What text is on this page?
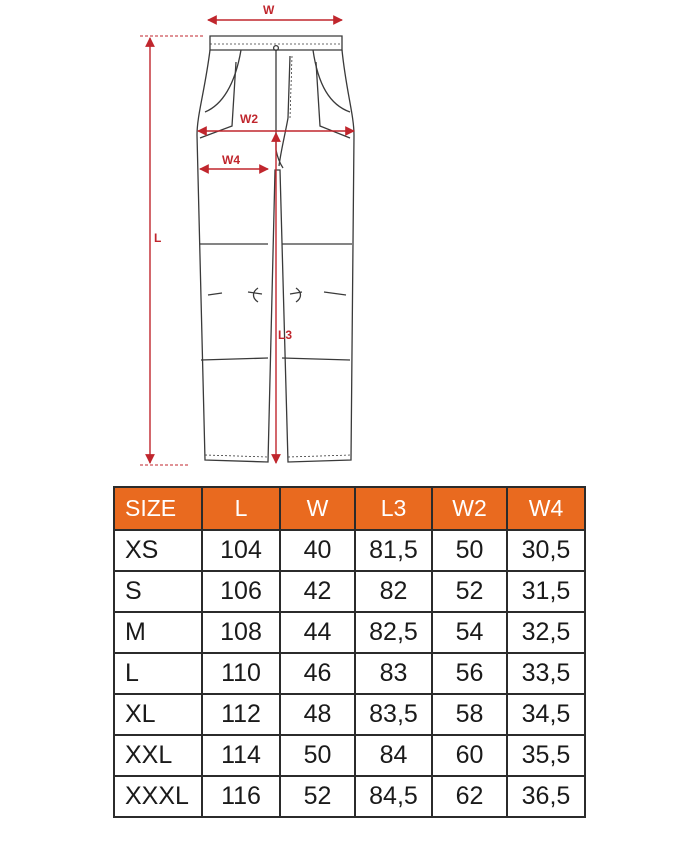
W
W2
W4
L
L3
SIZE	L	W	L3	W2	W4
XS	104	40	81,5	50	30,5
S	106	42	82	52	31,5
M	108	44	82,5	54	32,5
L	110	46	83	56	33,5
XL	112	48	83,5	58	34,5
XXL	114	50	84	60	35,5
XXXL	116	52	84,5	62	36,5
